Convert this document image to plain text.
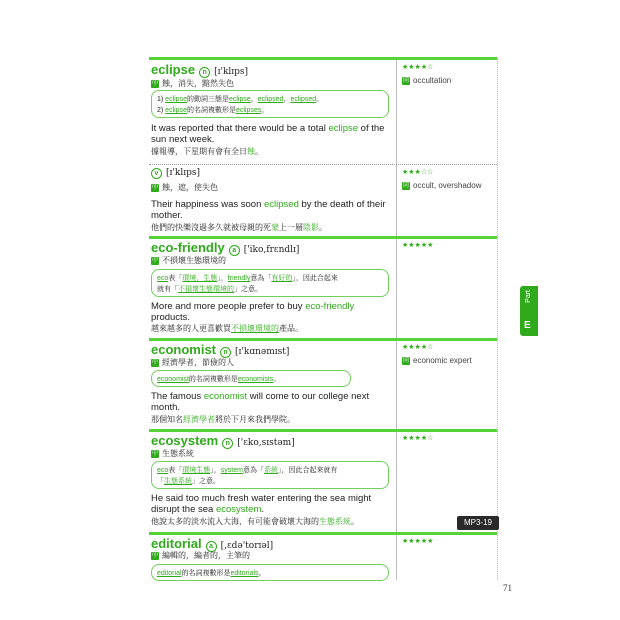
eclipse	n [ɪ'klɪps]
中 蝕，消失，黯然失色
1) eclipse的動詞三態是eclipse，eclipsed，eclipsed。
2) eclipse的名詞複數形是eclipses。
It was reported that there would be a total eclipse of the sun next week.
據報導，下星期有會有全日蝕。
★★★★☆
同 occultation
v [ɪ'klɪps]
中 蝕，遮，使失色
Their happiness was soon eclipsed by the death of their mother.
他們的快樂沒過多久就被母親的死蒙上一層陰影。
★★★☆☆
同 occult, overshadow
eco-friendly	a ['iko,frɛndlɪ]
中 不損壞生態環境的
eco表「環境，生態」，friendly意為「有好的」，因此合起來
就有「不損壞生態環境的」之意。
More and more people prefer to buy eco-friendly products.
越來越多的人更喜歡買不損壞環境的產品。
★★★★★
economist	n [ɪ'kɑnəmɪst]
中 經濟學者，節儉的人
economist的名詞複數形是economists。
The famous economist will come to our college next month.
那個知名經濟學者將於下月來我們學院。
★★★★☆
同 economic expert
ecosystem	n ['ɛko,sɪstəm]
中 生態系統
eco表「環境生態」，system意為「系統」，因此合起來就有
「生態系統」之意。
He said too much fresh water entering the sea might disrupt the sea ecosystem.
他說太多的淡水流入大海，有可能會破壞大海的生態系統。
★★★★☆
editorial	a [,ɛdə'torɪəl]
中 編輯的，編者的，主筆的
editorial的名詞複數形是editorials。
★★★★★
Part
E
MP3-19
71
